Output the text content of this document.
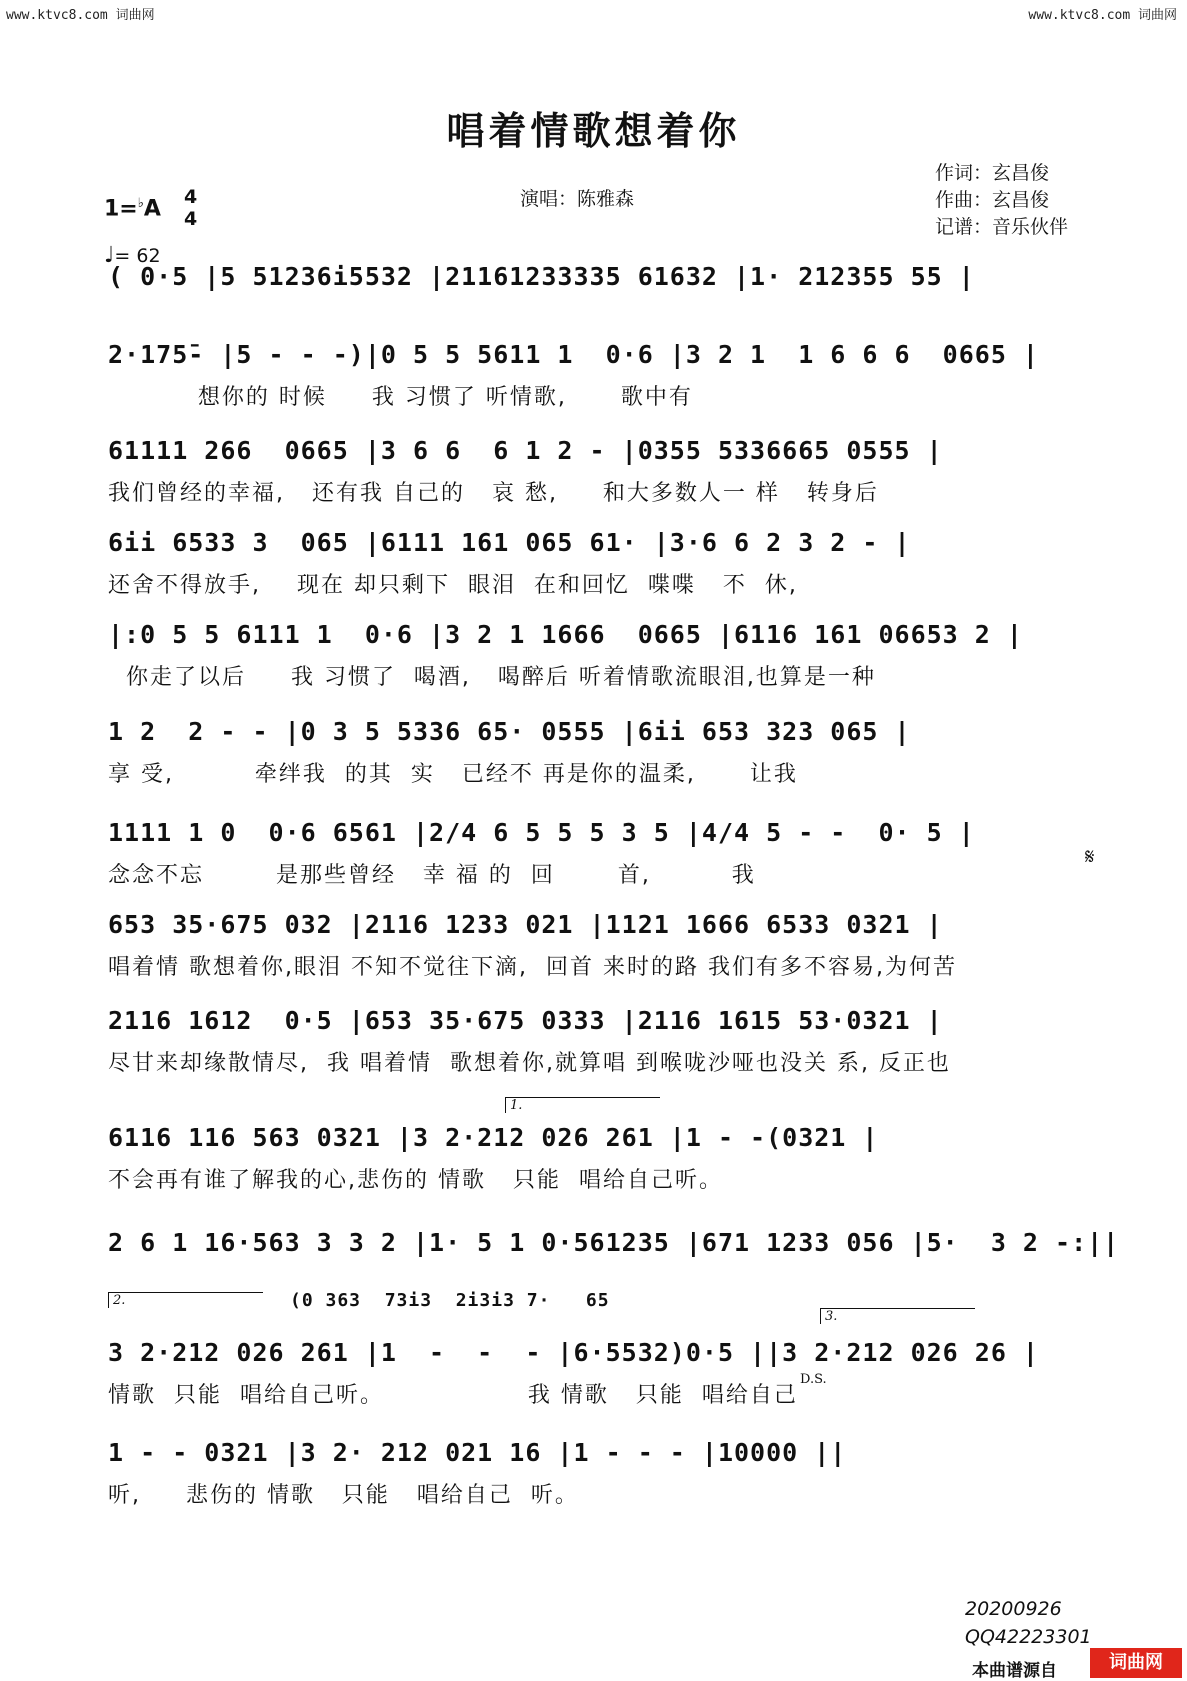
www.ktvc8.com 词曲网	www.ktvc8.com 词曲网
唱着情歌想着你
演唱：陈雅森
作词：玄昌俊
作曲：玄昌俊
记谱：音乐伙伴
1=♭A 4
4
♩= 62
( 0·5 |5 51236i5532 |21161233335 61632 |1· 212355 55 |
2·175̄- |5 - - -)|0 5 5 5611 1  0·6 |3 2 1  1 6 6 6  0665 |
想你的 时候     我 习惯了 听情歌,      歌中有
61111 266  0665 |3 6 6  6 1 2 - |0355 5336665 0555 |
我们曾经的幸福,   还有我 自己的   哀 愁,     和大多数人一 样   转身后
6ii 6533 3  065 |6111 161 065 61· |3·6 6 2 3 2 - |
还舍不得放手,    现在 却只剩下  眼泪  在和回忆  喋喋   不  休,
|:0 5 5 6111 1  0·6 |3 2 1 1666  0665 |6116 161 06653 2 |
你走了以后     我 习惯了  喝酒,   喝醉后 听着情歌流眼泪,也算是一种
1 2  2 - - |0 3 5 5336 65· 0555 |6ii 653 323 065 |
享 受,         牵绊我  的其  实   已经不 再是你的温柔,      让我
1111 1 0  0·6 6561 |2/4 6 5 5 5 3 5 |4/4 5 - -  0· 5 |
念念不忘        是那些曾经   幸 福 的  回       首,         我
653 35·675 032 |2116 1233 021 |1121 1666 6533 0321 |
唱着情 歌想着你,眼泪 不知不觉往下滴,  回首 来时的路 我们有多不容易,为何苦
2116 1612  0·5 |653 35·675 0333 |2116 1615 53·0321 |
尽甘来却缘散情尽,  我 唱着情  歌想着你,就算唱 到喉咙沙哑也没关 系, 反正也
6116 116 563 0321 |3 2·212 026 261 |1 - -(0321 |
不会再有谁了解我的心,悲伤的 情歌   只能  唱给自己听。
2 6 1 16·563 3 3 2 |1· 5 1 0·561235 |671 1233 056 |5·  3 2 -:||
3 2·212 026 261 |1  -  -  - |6·5532)0·5 ||3 2·212 026 26 |
情歌  只能  唱给自己听。                我 情歌   只能  唱给自己
1 - - 0321 |3 2· 212 021 16 |1 - - - |10000 ||
听,     悲伤的 情歌   只能   唱给自己  听。
(0 363  73i3  2i3i3 7·   65
1.
2.
3.
D.S.
𝄋
20200926
QQ42223301
本曲谱源自	词曲网
